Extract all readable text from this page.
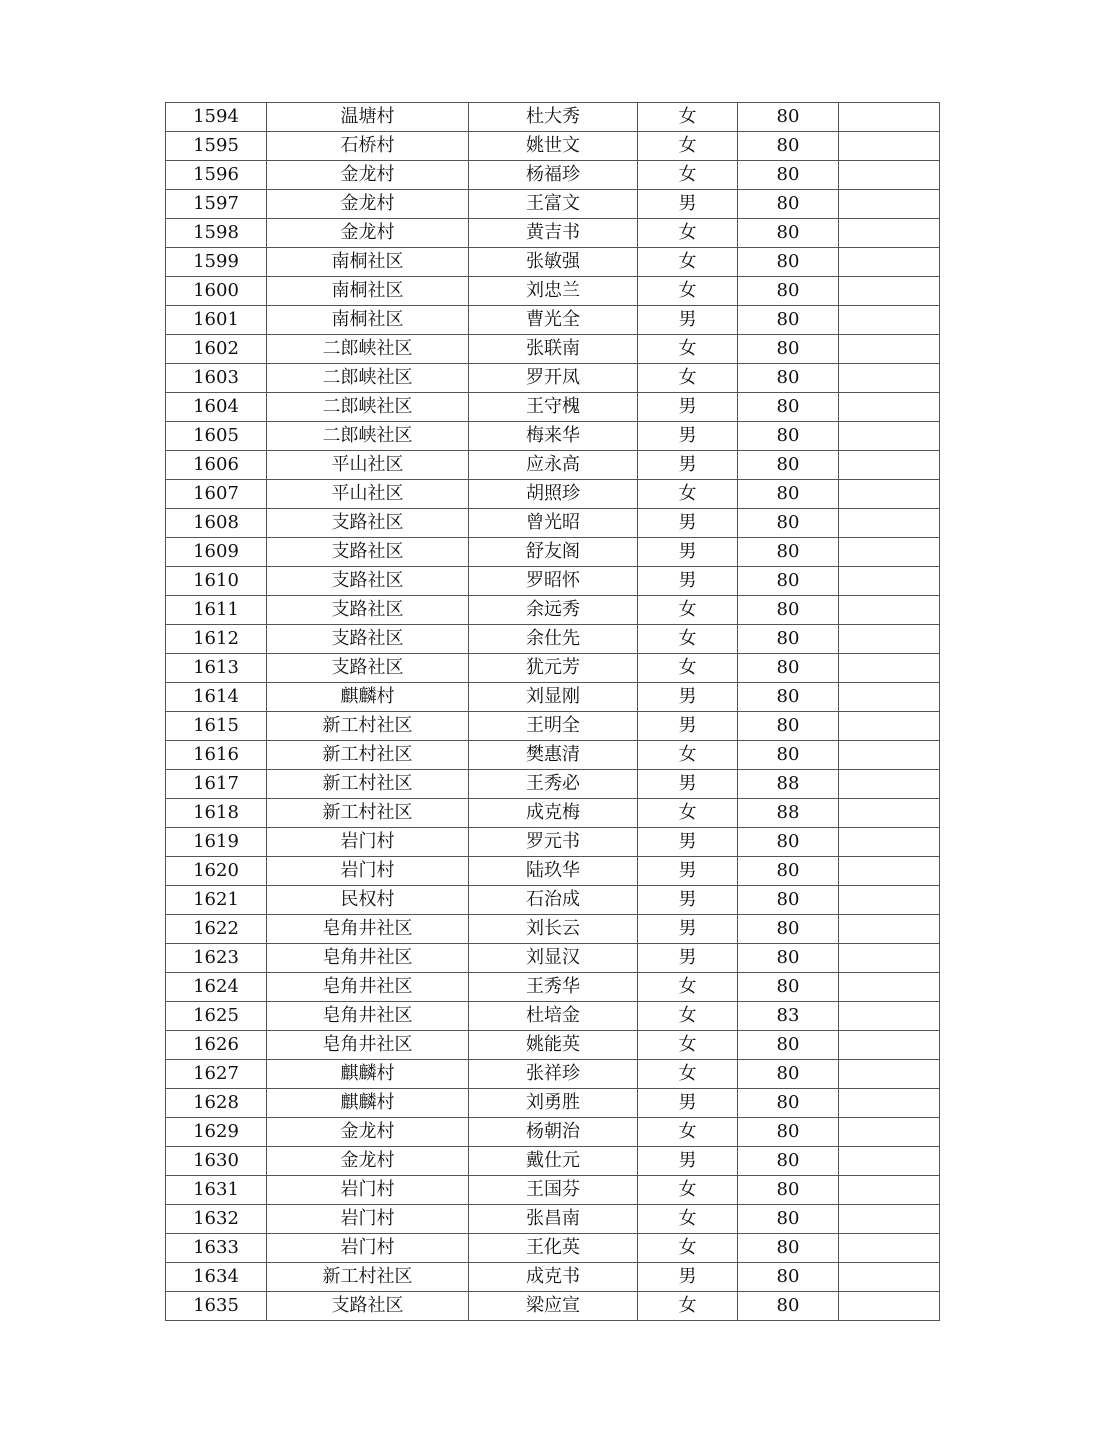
1594	温塘村	杜大秀	女	80	
1595	石桥村	姚世文	女	80	
1596	金龙村	杨福珍	女	80	
1597	金龙村	王富文	男	80	
1598	金龙村	黄吉书	女	80	
1599	南桐社区	张敏强	女	80	
1600	南桐社区	刘忠兰	女	80	
1601	南桐社区	曹光全	男	80	
1602	二郎峡社区	张联南	女	80	
1603	二郎峡社区	罗开凤	女	80	
1604	二郎峡社区	王守槐	男	80	
1605	二郎峡社区	梅来华	男	80	
1606	平山社区	应永高	男	80	
1607	平山社区	胡照珍	女	80	
1608	支路社区	曾光昭	男	80	
1609	支路社区	舒友阁	男	80	
1610	支路社区	罗昭怀	男	80	
1611	支路社区	余远秀	女	80	
1612	支路社区	余仕先	女	80	
1613	支路社区	犹元芳	女	80	
1614	麒麟村	刘显刚	男	80	
1615	新工村社区	王明全	男	80	
1616	新工村社区	樊惠清	女	80	
1617	新工村社区	王秀必	男	88	
1618	新工村社区	成克梅	女	88	
1619	岩门村	罗元书	男	80	
1620	岩门村	陆玖华	男	80	
1621	民权村	石治成	男	80	
1622	皂角井社区	刘长云	男	80	
1623	皂角井社区	刘显汉	男	80	
1624	皂角井社区	王秀华	女	80	
1625	皂角井社区	杜培金	女	83	
1626	皂角井社区	姚能英	女	80	
1627	麒麟村	张祥珍	女	80	
1628	麒麟村	刘勇胜	男	80	
1629	金龙村	杨朝治	女	80	
1630	金龙村	戴仕元	男	80	
1631	岩门村	王国芬	女	80	
1632	岩门村	张昌南	女	80	
1633	岩门村	王化英	女	80	
1634	新工村社区	成克书	男	80	
1635	支路社区	梁应宣	女	80	
